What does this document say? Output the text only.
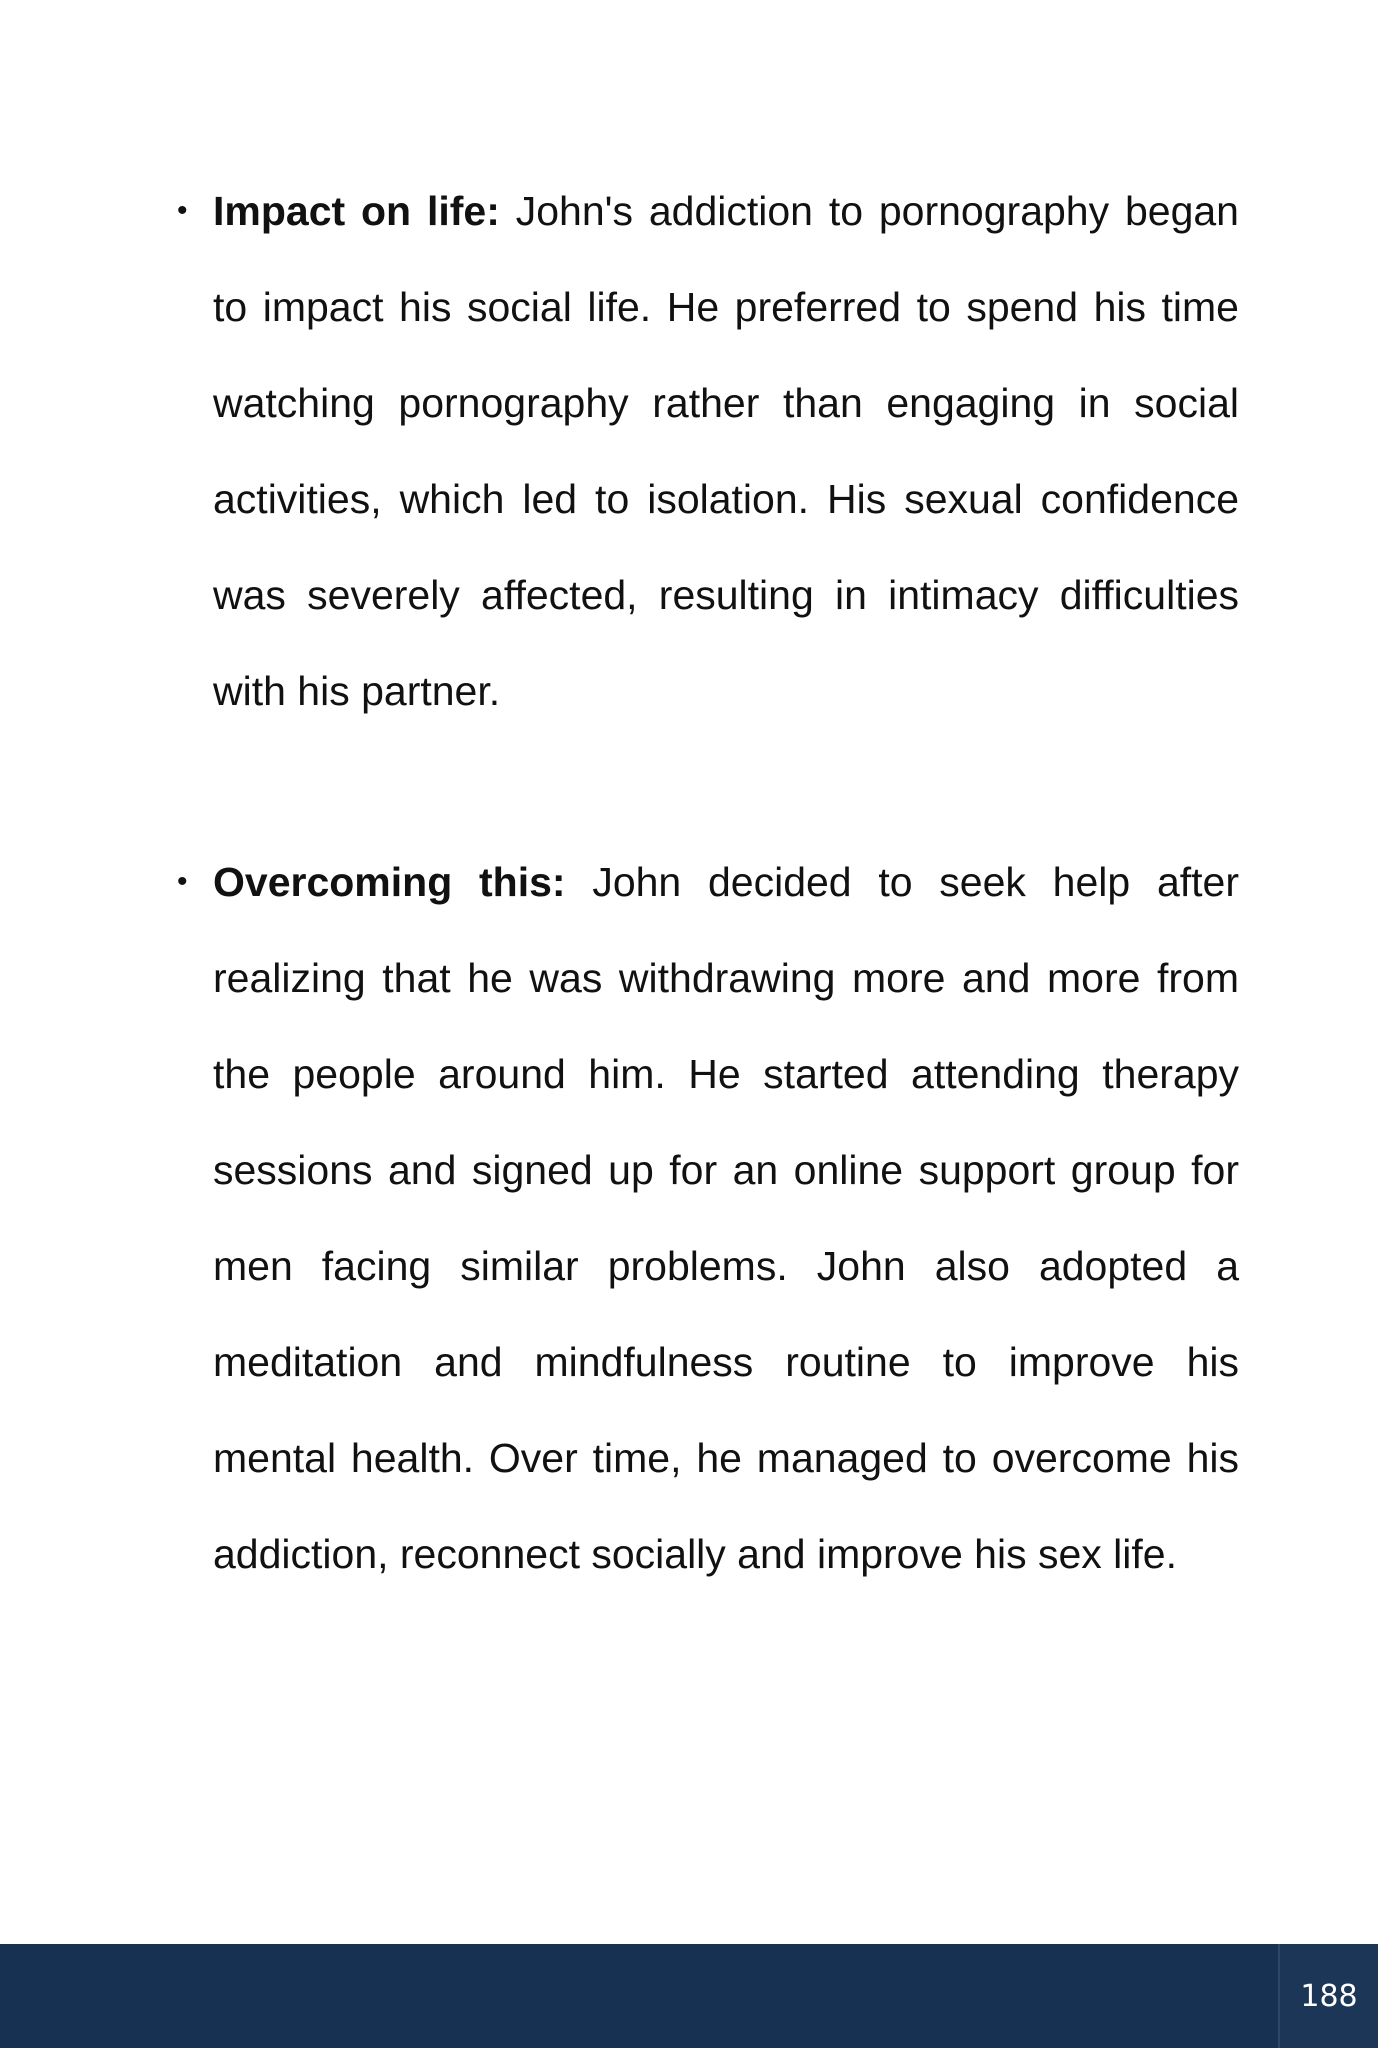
• Impact on life: John's addiction to pornography began to impact his social life. He preferred to spend his time watching pornography rather than engaging in social activities, which led to isolation. His sexual confidence was severely affected, resulting in intimacy difficulties with his partner.
• Overcoming this: John decided to seek help after realizing that he was withdrawing more and more from the people around him. He started attending therapy sessions and signed up for an online support group for men facing similar problems. John also adopted a meditation and mindfulness routine to improve his mental health. Over time, he managed to overcome his addiction, reconnect socially and improve his sex life.
188
